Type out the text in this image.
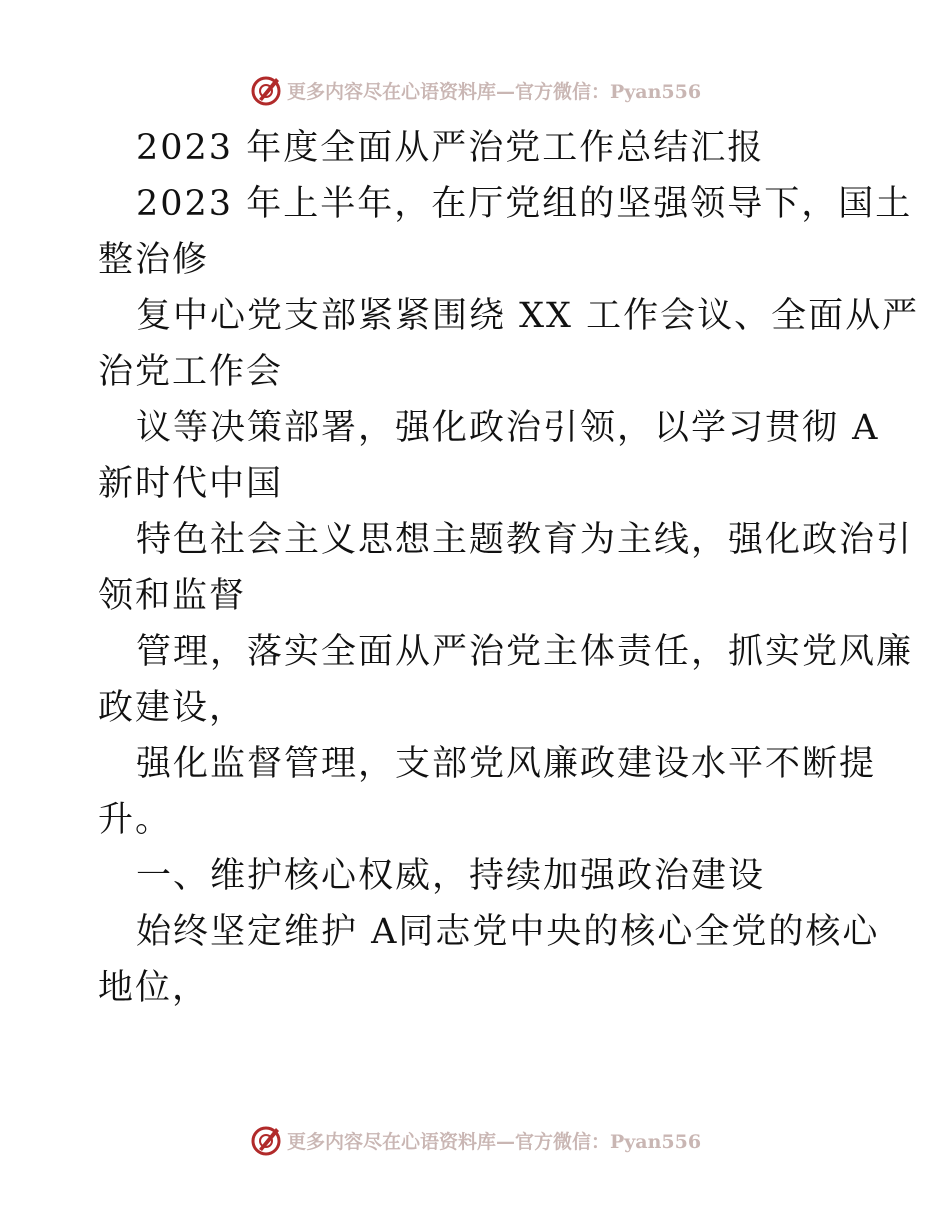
更多内容尽在心语资料库—官方微信：Pyan556
2023 年度全面从严治党工作总结汇报
2023 年上半年，在厅党组的坚强领导下，国土
整治修
复中心党支部紧紧围绕 XX 工作会议、全面从严
治党工作会
议等决策部署，强化政治引领，以学习贯彻 A
新时代中国
特色社会主义思想主题教育为主线，强化政治引
领和监督
管理，落实全面从严治党主体责任，抓实党风廉
政建设，
强化监督管理，支部党风廉政建设水平不断提
升。
一、维护核心权威，持续加强政治建设
始终坚定维护 A同志党中央的核心全党的核心
地位，
更多内容尽在心语资料库—官方微信：Pyan556
